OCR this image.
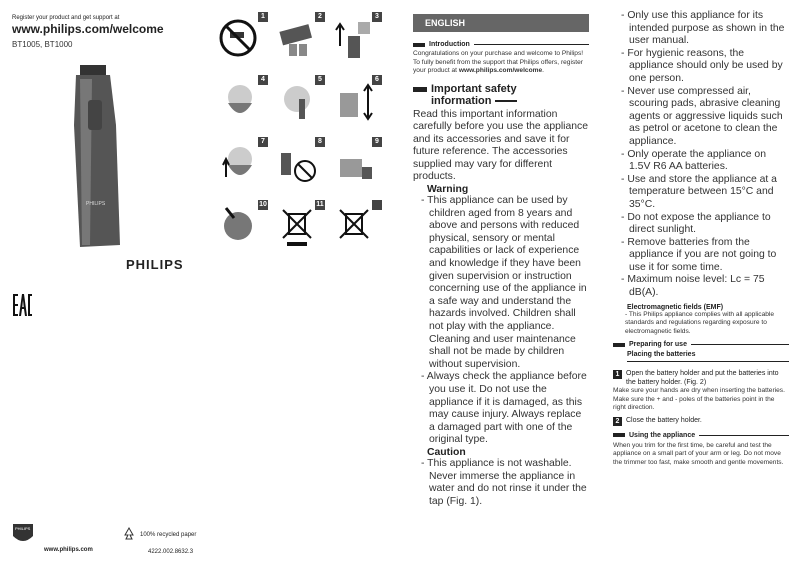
Register your product and get support at
www.philips.com/welcome
BT1005, BT1000
PHILIPS
PHILIPS
PHILIPS
www.philips.com
100% recycled paper
4222.002.8632.3
1	2	3
4	5	6
7	8	9
10	11
ENGLISH
Introduction
Congratulations on your purchase and welcome to Philips! To fully benefit from the support that Philips offers, register your product at www.philips.com/welcome.
Important safety
information
Read this important information carefully before you use the appliance and its accessories and save it for future reference. The accessories supplied may vary for different products.
Warning
- This appliance can be used by children aged from 8 years and above and persons with reduced physical, sensory or mental capabilities or lack of experience and knowledge if they have been given supervision or instruction concerning use of the appliance in a safe way and understand the hazards involved. Children shall not play with the appliance. Cleaning and user maintenance shall not be made by children without supervision.
- Always check the appliance before you use it. Do not use the appliance if it is damaged, as this may cause injury. Always replace a damaged part with one of the original type.
Caution
- This appliance is not washable. Never immerse the appliance in water and do not rinse it under the tap (Fig. 1).
- Only use this appliance for its intended purpose as shown in the user manual.
- For hygienic reasons, the appliance should only be used by one person.
- Never use compressed air, scouring pads, abrasive cleaning agents or aggressive liquids such as petrol or acetone to clean the appliance.
- Only operate the appliance on 1.5V R6 AA batteries.
- Use and store the appliance at a temperature between 15°C and 35°C.
- Do not expose the appliance to direct sunlight.
- Remove batteries from the appliance if you are not going to use it for some time.
- Maximum noise level: Lc = 75 dB(A).
Electromagnetic fields (EMF)
- This Philips appliance complies with all applicable standards and regulations regarding exposure to electromagnetic fields.
Preparing for use
Placing the batteries
1 Open the battery holder and put the batteries into the battery holder. (Fig. 2)
Make sure your hands are dry when inserting the batteries.
Make sure the + and - poles of the batteries point in the right direction.
2 Close the battery holder.
Using the appliance
When you trim for the first time, be careful and test the appliance on a small part of your arm or leg. Do not move the trimmer too fast, make smooth and gentle movements.
